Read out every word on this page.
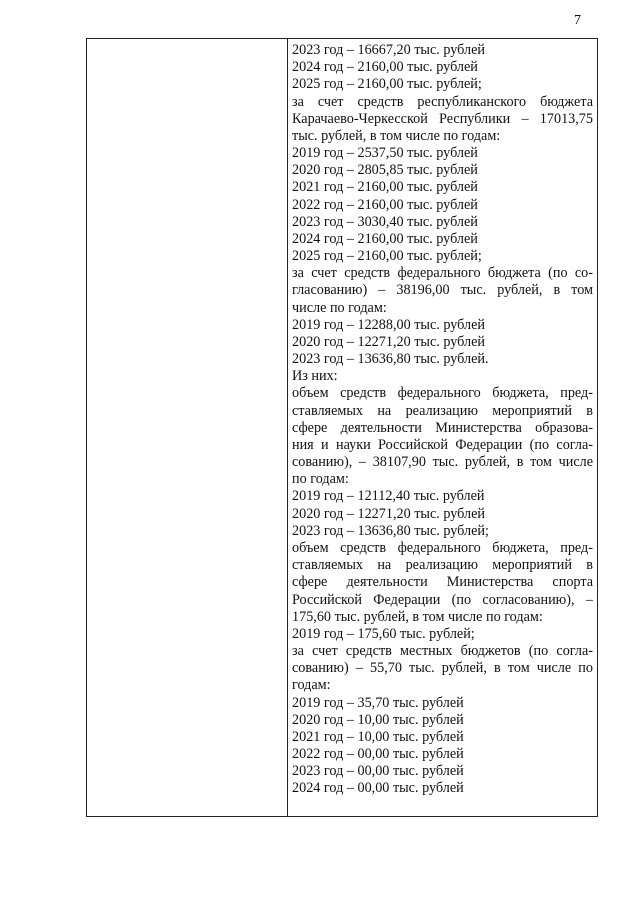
7
2023 год – 16667,20 тыс. рублей
2024 год – 2160,00 тыс. рублей
2025 год – 2160,00 тыс. рублей;
за счет средств республиканского бюджета
Карачаево-Черкесской Республики – 17013,75
тыс. рублей, в том числе по годам:
2019 год – 2537,50 тыс. рублей
2020 год – 2805,85 тыс. рублей
2021 год – 2160,00 тыс. рублей
2022 год – 2160,00 тыс. рублей
2023 год – 3030,40 тыс. рублей
2024 год – 2160,00 тыс. рублей
2025 год – 2160,00 тыс. рублей;
за счет средств федерального бюджета (по со-
гласованию) – 38196,00 тыс. рублей, в том
числе по годам:
2019 год – 12288,00 тыс. рублей
2020 год – 12271,20 тыс. рублей
2023 год – 13636,80 тыс. рублей.
Из них:
объем средств федерального бюджета, пред-
ставляемых на реализацию мероприятий в
сфере деятельности Министерства образова-
ния и науки Российской Федерации (по согла-
сованию), – 38107,90 тыс. рублей, в том числе
по годам:
2019 год – 12112,40 тыс. рублей
2020 год – 12271,20 тыс. рублей
2023 год – 13636,80 тыс. рублей;
объем средств федерального бюджета, пред-
ставляемых на реализацию мероприятий в
сфере деятельности Министерства спорта
Российской Федерации (по согласованию), –
175,60 тыс. рублей, в том числе по годам:
2019 год – 175,60 тыс. рублей;
за счет средств местных бюджетов (по согла-
сованию) – 55,70 тыс. рублей, в том числе по
годам:
2019 год – 35,70 тыс. рублей
2020 год – 10,00 тыс. рублей
2021 год – 10,00 тыс. рублей
2022 год – 00,00 тыс. рублей
2023 год – 00,00 тыс. рублей
2024 год – 00,00 тыс. рублей
